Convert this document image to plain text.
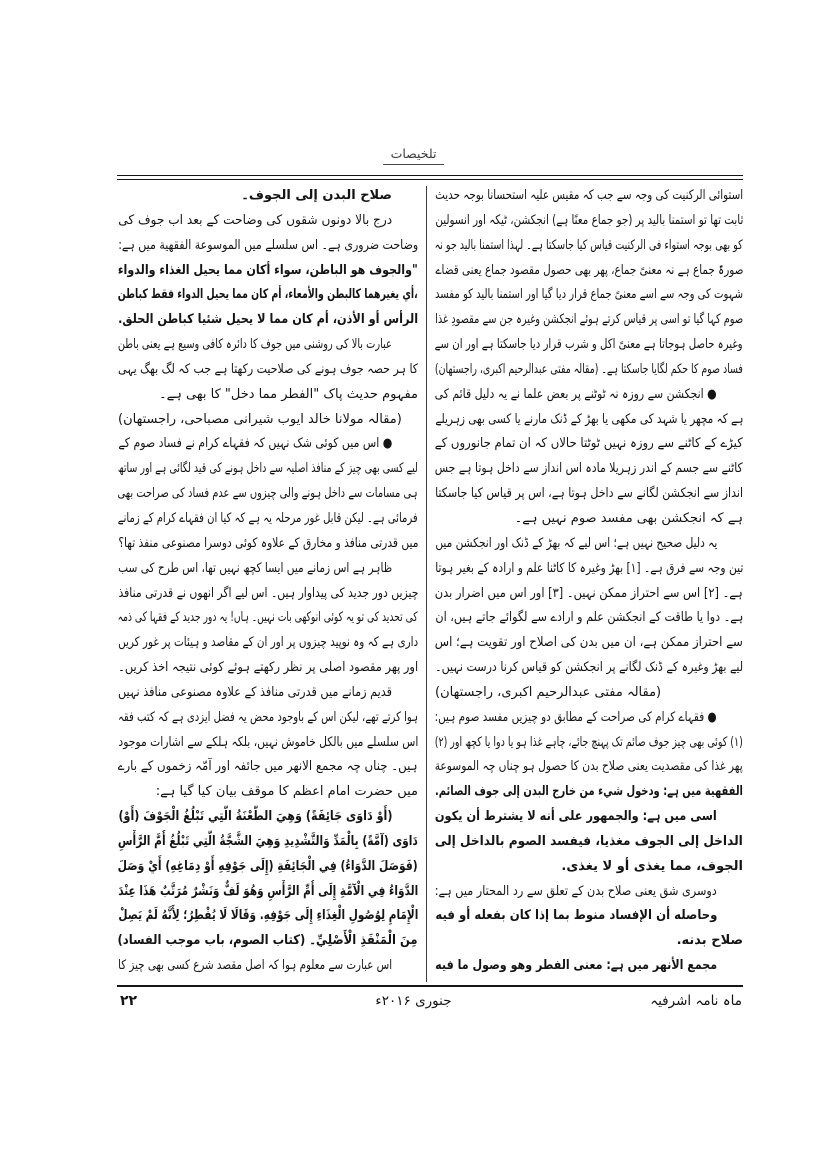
تلخیصات
استوائی الرکنیت کی وجہ سے جب کہ مقیس علیہ استحسانا بوجہ حدیث
ثابت تھا تو استمنا بالید پر (جو جماع معنًا ہے) انجکشن، ٹیکہ اور انسولین
کو بھی بوجہ استواء فی الرکنیت قیاس کیا جاسکتا ہے۔ لہذا استمنا بالید جو نہ
صورۃً جماع ہے نہ معنیً جماع، پھر بھی حصول مقصود جماع یعنی قضاے
شہوت کی وجہ سے اسے معنیً جماع قرار دیا گیا اور استمنا بالید کو مفسد
صوم کہا گیا تو اسی پر قیاس کرتے ہوئے انجکشن وغیرہ جن سے مقصودِ غذا
وغیرہ حاصل ہوجاتا ہے معنیً اکل و شرب قرار دیا جاسکتا ہے اور ان سے
فساد صوم کا حکم لگایا جاسکتا ہے۔ (مقالہ مفتی عبدالرحیم اکبری، راجستھان)
● انجکشن سے روزہ نہ ٹوٹنے پر بعض علما نے یہ دلیل قائم کی
ہے کہ مچھر یا شہد کی مکھی یا بھڑ کے ڈنک مارنے یا کسی بھی زہریلے
کیڑے کے کاٹنے سے روزہ نہیں ٹوٹتا حالاں کہ ان تمام جانوروں کے
کاٹنے سے جسم کے اندر زہریلا مادہ اس انداز سے داخل ہوتا ہے جس
انداز سے انجکشن لگانے سے داخل ہوتا ہے، اس پر قیاس کیا جاسکتا
ہے کہ انجکشن بھی مفسد صوم نہیں ہے۔
یہ دلیل صحیح نہیں ہے؛ اس لیے کہ بھڑ کے ڈنک اور انجکشن میں
تین وجہ سے فرق ہے۔ [۱] بھڑ وغیرہ کا کاٹنا علم و ارادہ کے بغیر ہوتا
ہے۔ [۲] اس سے احتراز ممکن نہیں۔ [۳] اور اس میں اضرار بدن
ہے۔ دوا یا طاقت کے انجکشن علم و ارادے سے لگوائے جاتے ہیں، ان
سے احتراز ممکن ہے، ان میں بدن کی اصلاح اور تقویت ہے؛ اس
لیے بھڑ وغیرہ کے ڈنک لگانے پر انجکشن کو قیاس کرنا درست نہیں۔
(مقالہ مفتی عبدالرحیم اکبری، راجستھان)
● فقہاے کرام کی صراحت کے مطابق دو چیزیں مفسد صوم ہیں:
(۱) کوئی بھی چیز جوف صائم تک پہنچ جائے، چاہے غذا ہو یا دوا یا کچھ اور (۲)
پھر غذا کی مقصدیت یعنی صلاح بدن کا حصول ہو چناں چہ الموسوعة
الفقهية میں ہے: ودخول شيء من خارج البدن إلى جوف الصائم.
اسی میں ہے: والجمهور على أنه لا يشترط أن يكون
الداخل إلى الجوف مغذيا، فيفسد الصوم بالداخل إلى
الجوف، مما يغذى أو لا يغذى.
دوسری شق یعنی صلاح بدن کے تعلق سے رد المحتار میں ہے:
وحاصله أن الإفساد منوط بما إذا كان بفعله أو فيه
صلاح بدنه.
مجمع الأنهر میں ہے: معنى الفطر وهو وصول ما فيه
صلاح البدن إلى الجوف۔
درج بالا دونوں شقوں کی وضاحت کے بعد اب جوف کی
وضاحت ضروری ہے۔ اس سلسلے میں الموسوعة الفقهية میں ہے:
"والجوف هو الباطن، سواء أكان مما يحيل الغذاء والدواء
،أي يغيرهما كالبطن والأمعاء، أم كان مما يحيل الدواء فقط كباطن
الرأس أو الأذن، أم كان مما لا يحيل شئيا كباطن الحلق.
عبارت بالا کی روشنی میں جوف کا دائرہ کافی وسیع ہے یعنی باطن
کا ہر حصہ جوف ہونے کی صلاحیت رکھتا ہے جب کہ لگ بھگ یہی
مفہوم حدیث پاک "الفطر مما دخل" کا بھی ہے۔
(مقالہ مولانا خالد ایوب شیرانی مصباحی، راجستھان)
● اس میں کوئی شک نہیں کہ فقہاے کرام نے فساد صوم کے
لیے کسی بھی چیز کے منافذ اصلیہ سے داخل ہونے کی قید لگائی ہے اور ساتھ
ہی مسامات سے داخل ہونے والی چیزوں سے عدم فساد کی صراحت بھی
فرمائی ہے۔ لیکن قابل غور مرحلہ یہ ہے کہ کیا ان فقہاے کرام کے زمانے
میں قدرتی منافذ و مخارق کے علاوہ کوئی دوسرا مصنوعی منفذ تھا؟
ظاہر ہے اس زمانے میں ایسا کچھ نہیں تھا، اس طرح کی سب
چیزیں دور جدید کی پیداوار ہیں۔ اس لیے اگر انھوں نے قدرتی منافذ
کی تحدید کی تو یہ کوئی انوکھی بات نہیں۔ ہاں! یہ دور جدید کے فقہا کی ذمہ
داری ہے کہ وہ نوپید چیزوں پر اور ان کے مقاصد و ہیئات پر غور کریں
اور پھر مقصود اصلی پر نظر رکھتے ہوئے کوئی نتیجہ اخذ کریں۔
قدیم زمانے میں قدرتی منافذ کے علاوہ مصنوعی منافذ نہیں
ہوا کرتے تھے، لیکن اس کے باوجود محض یہ فضل ایزدی ہے کہ کتب فقہ
اس سلسلے میں بالکل خاموش نہیں، بلکہ ہلکے سے اشارات موجود
ہیں۔ چناں چہ مجمع الانهر میں جائفہ اور آمّہ زخموں کے بارے
میں حضرت امام اعظم کا موقف بیان کیا گیا ہے:
(أَوْ دَاوَى جَائِفَةً) وَهِيَ الطَّعْنَةُ الَّتِي تَبْلُغُ الْجَوْفَ (أَوْ)
دَاوَى (آمَّةً) بِالْمَدِّ وَالتَّشْدِيدِ وَهِيَ الشَّجَّةُ الَّتِي تَبْلُغُ أُمَّ الرَّأْسِ
(فَوَصَلَ الدَّوَاءُ) فِي الْجَائِفَةِ (إِلَى جَوْفِهِ أَوْ دِمَاغِهِ) أَيْ وَصَلَ
الدَّوَاءُ فِي الْآمَّةِ إِلَى أُمِّ الرَّأْسِ وَهُوَ لَفٌّ وَنَشْرٌ مُرَتَّبٌ هَذَا عِنْدَ
الْإِمَامِ لِوُصُولِ الْغِذَاءِ إِلَى جَوْفِهِ. وَقَالَا لَا يُفْطِرُ؛ لِأَنَّهُ لَمْ يَصِلْ
مِنَ الْمَنْفَذِ الْأَصْلِيِّ۔ (كتاب الصوم، باب موجب الفساد)
اس عبارت سے معلوم ہوا کہ اصل مقصد شرع کسی بھی چیز کا
ماہ نامہ اشرفیہ
جنوری ۲۰۱۶ء
۲۲
